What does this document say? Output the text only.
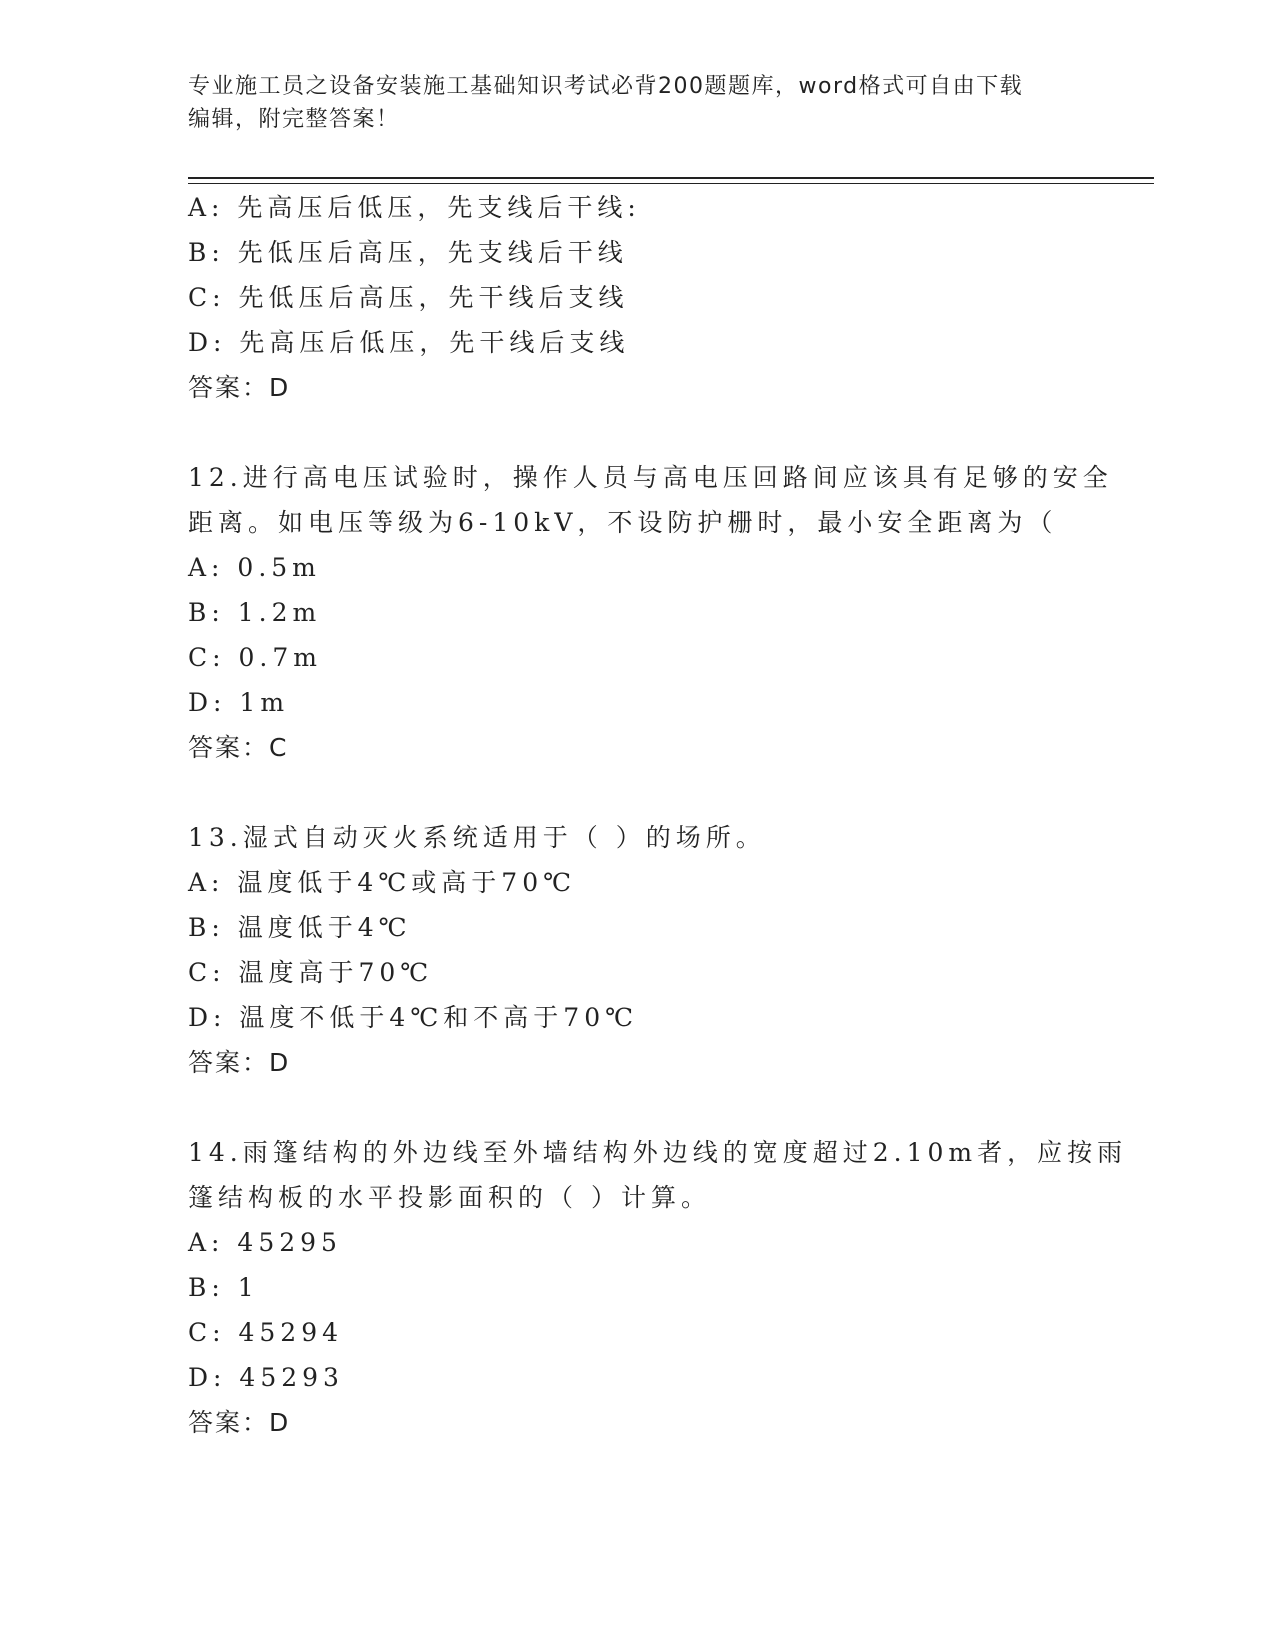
专业施工员之设备安装施工基础知识考试必背200题题库，word格式可自由下载
编辑，附完整答案！
A: 先高压后低压，先支线后干线:
B: 先低压后高压，先支线后干线
C: 先低压后高压，先干线后支线
D: 先高压后低压，先干线后支线
答案：D
12.进行高电压试验时，操作人员与高电压回路间应该具有足够的安全
距离。如电压等级为6-10kV，不设防护栅时，最小安全距离为（
A: 0.5m
B: 1.2m
C: 0.7m
D: 1m
答案：C
13.湿式自动灭火系统适用于（ ）的场所。
A: 温度低于4℃或高于70℃
B: 温度低于4℃
C: 温度高于70℃
D: 温度不低于4℃和不高于70℃
答案：D
14.雨篷结构的外边线至外墙结构外边线的宽度超过2.10m者，应按雨
篷结构板的水平投影面积的（ ）计算。
A: 45295
B: 1
C: 45294
D: 45293
答案：D
